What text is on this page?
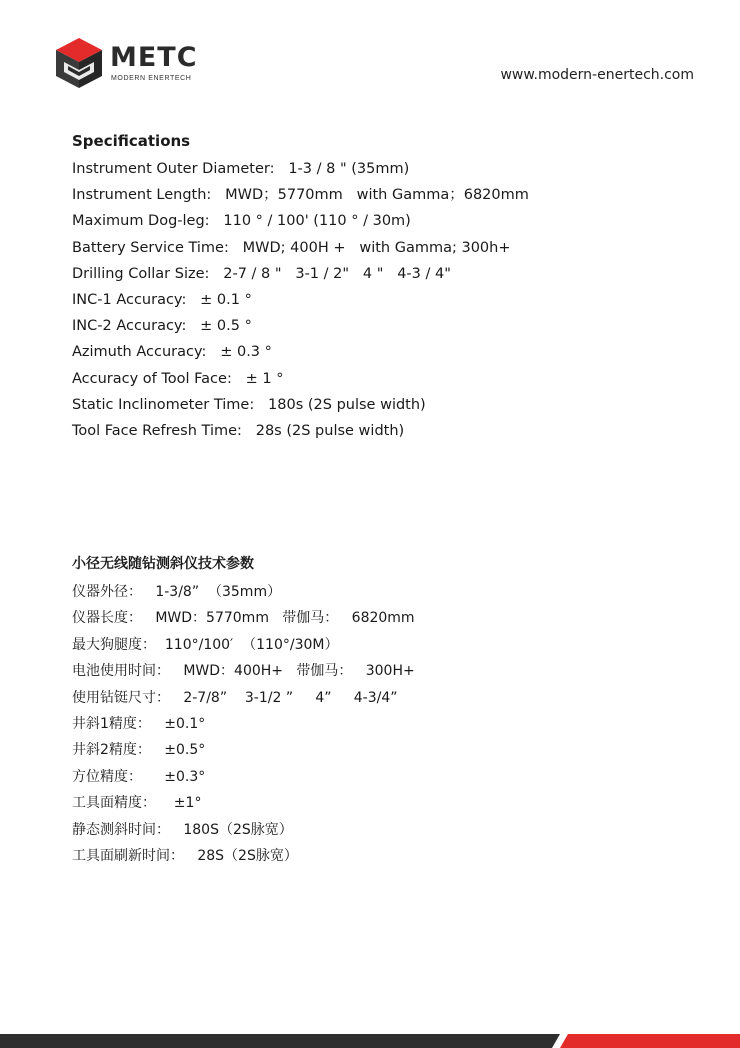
METC
MODERN ENERTECH	www.modern-enertech.com
Specifications
Instrument Outer Diameter:   1-3 / 8 " (35mm)
Instrument Length:   MWD；5770mm   with Gamma；6820mm
Maximum Dog-leg:   110 ° / 100' (110 ° / 30m)
Battery Service Time:   MWD; 400H +   with Gamma; 300h+
Drilling Collar Size:   2-7 / 8 "   3-1 / 2"   4 "   4-3 / 4"
INC-1 Accuracy:   ± 0.1 °
INC-2 Accuracy:   ± 0.5 °
Azimuth Accuracy:   ± 0.3 °
Accuracy of Tool Face:   ± 1 °
Static Inclinometer Time:   180s (2S pulse width)
Tool Face Refresh Time:   28s (2S pulse width)
小径无线随钻测斜仪技术参数
仪器外径：   1-3/8”  （35mm）
仪器长度：   MWD：5770mm   带伽马：   6820mm
最大狗腿度：  110°/100′  （110°/30M）
电池使用时间：   MWD：400H+   带伽马：   300H+
使用钻铤尺寸：   2-7/8”    3-1/2 ”     4”     4-3/4”
井斜1精度：   ±0.1°
井斜2精度：   ±0.5°
方位精度：     ±0.3°
工具面精度：    ±1°
静态测斜时间：   180S（2S脉宽）
工具面刷新时间：   28S（2S脉宽）
